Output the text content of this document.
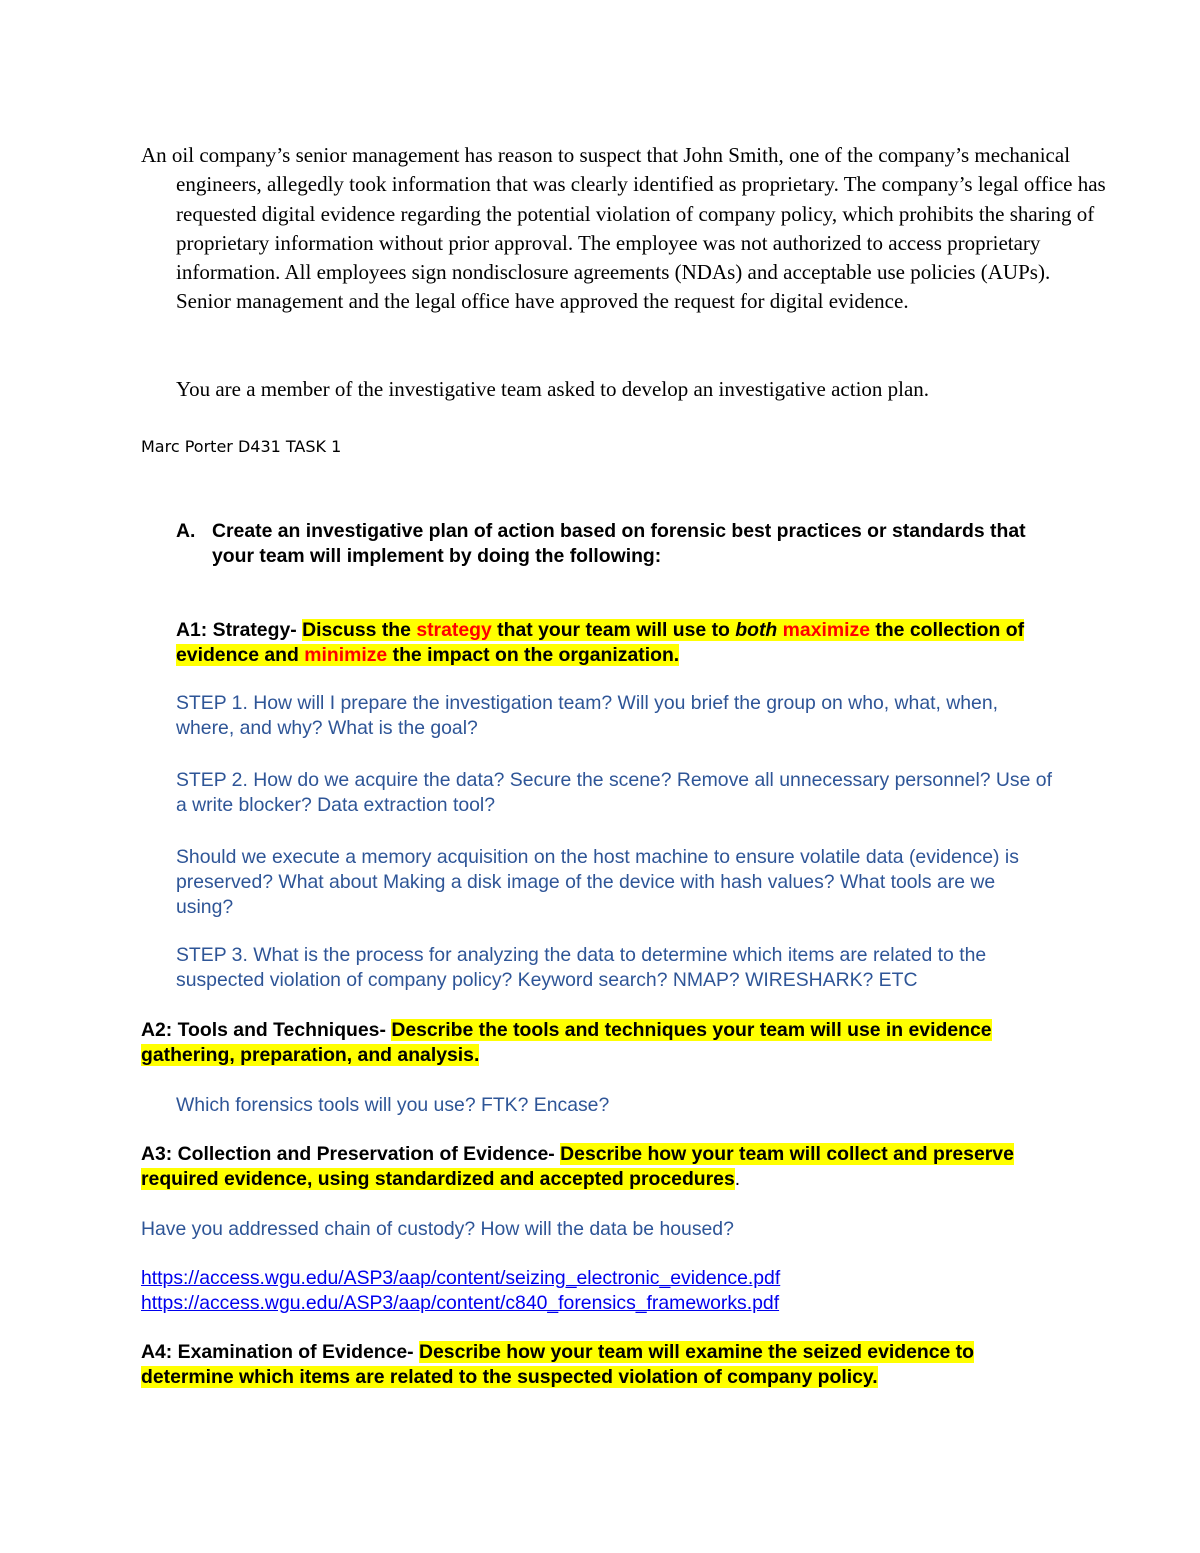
An oil company’s senior management has reason to suspect that John Smith, one of the company’s mechanical engineers, allegedly took information that was clearly identified as proprietary. The company’s legal office has requested digital evidence regarding the potential violation of company policy, which prohibits the sharing of proprietary information without prior approval. The employee was not authorized to access proprietary information. All employees sign nondisclosure agreements (NDAs) and acceptable use policies (AUPs). Senior management and the legal office have approved the request for digital evidence.

You are a member of the investigative team asked to develop an investigative action plan.

Marc Porter D431 TASK 1

A. Create an investigative plan of action based on forensic best practices or standards that your team will implement by doing the following:

A1: Strategy- Discuss the strategy that your team will use to both maximize the collection of evidence and minimize the impact on the organization.

STEP 1. How will I prepare the investigation team? Will you brief the group on who, what, when, where, and why? What is the goal?

STEP 2. How do we acquire the data? Secure the scene? Remove all unnecessary personnel? Use of a write blocker? Data extraction tool?

Should we execute a memory acquisition on the host machine to ensure volatile data (evidence) is preserved? What about Making a disk image of the device with hash values? What tools are we using?

STEP 3. What is the process for analyzing the data to determine which items are related to the suspected violation of company policy? Keyword search? NMAP? WIRESHARK? ETC

A2: Tools and Techniques- Describe the tools and techniques your team will use in evidence gathering, preparation, and analysis.

Which forensics tools will you use? FTK? Encase?

A3: Collection and Preservation of Evidence- Describe how your team will collect and preserve required evidence, using standardized and accepted procedures.

Have you addressed chain of custody? How will the data be housed?

https://access.wgu.edu/ASP3/aap/content/seizing_electronic_evidence.pdf
https://access.wgu.edu/ASP3/aap/content/c840_forensics_frameworks.pdf

A4: Examination of Evidence- Describe how your team will examine the seized evidence to determine which items are related to the suspected violation of company policy.
